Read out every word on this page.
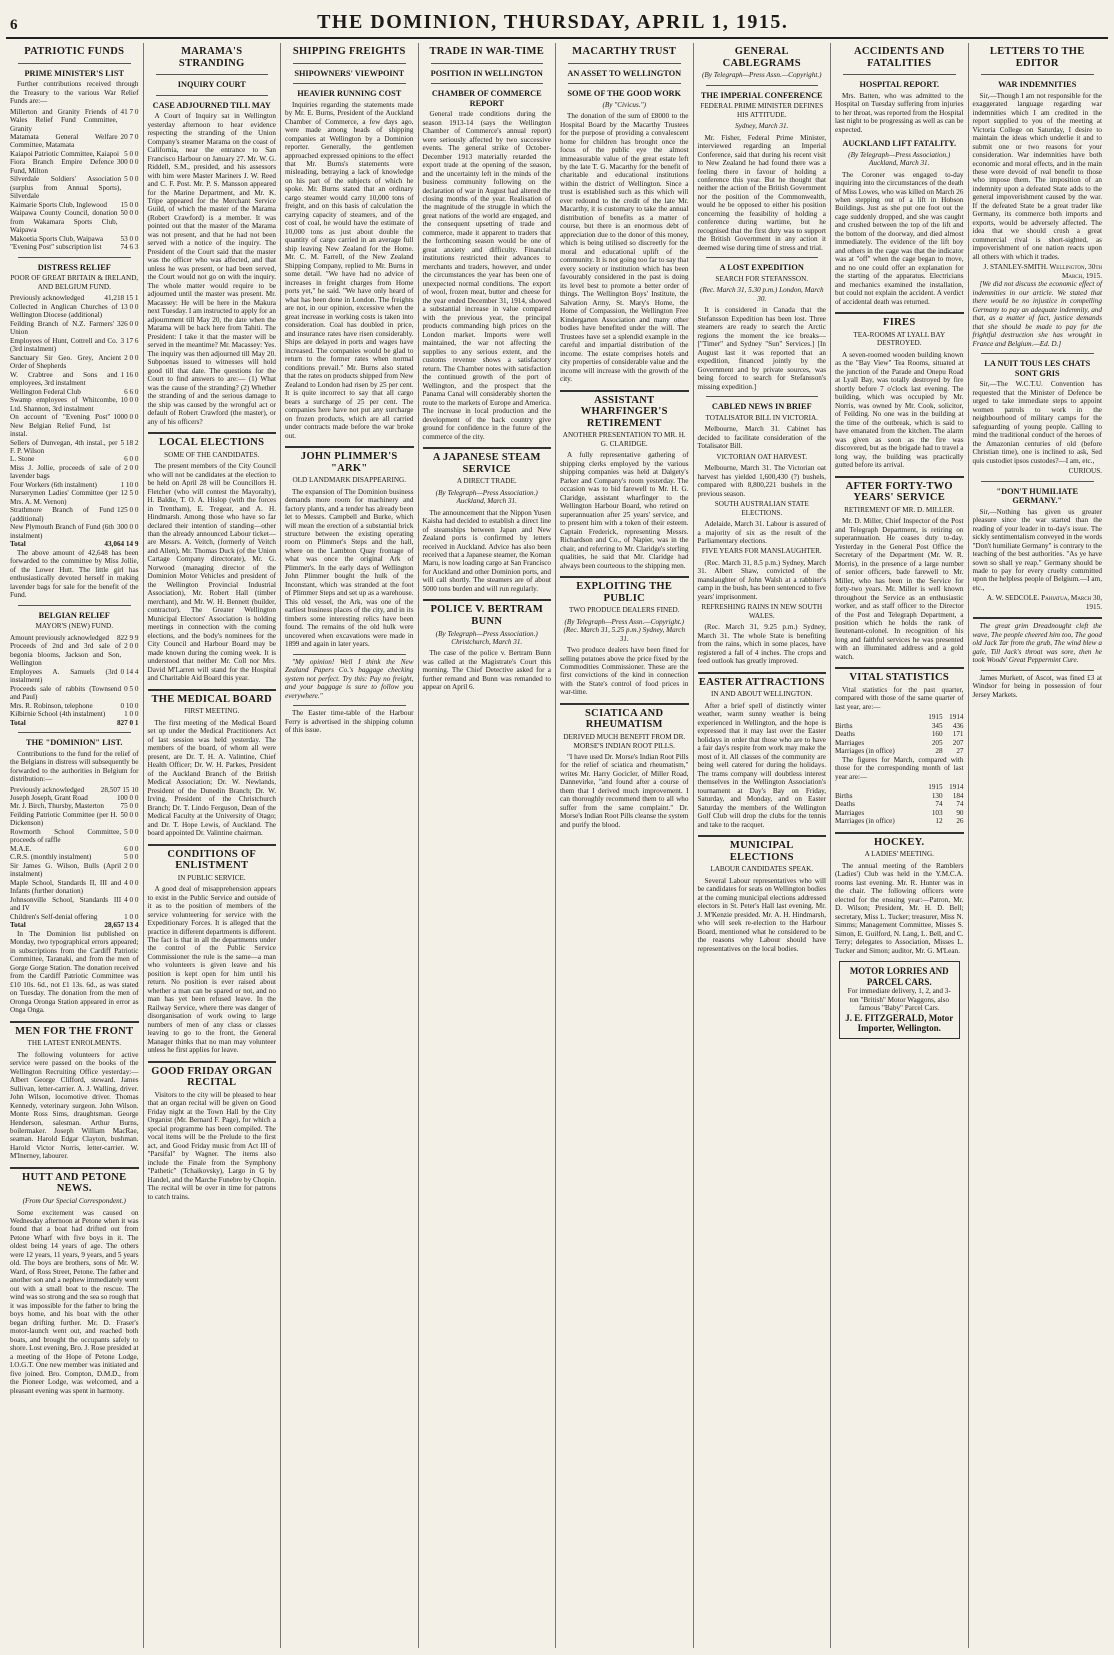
6	THE DOMINION, THURSDAY, APRIL 1, 1915.
PATRIOTIC FUNDS
PRIME MINISTER'S LIST

Further contributions received through the Treasury to the various War Relief Funds are:—

Millerton and Granity Friends of Wales Relief Fund Committee, Granity
41 7 0
Matamata General Welfare Committee, Matamata
20 7 0
Kaiapoi Patriotic Committee, Kaiapoi 5 0 0
Fiora Branch Empire Defence Fund, Milton
300 0 0
Silverdale Soldiers' Association (surplus from Annual Sports), Silverdale
5 0 0
Kaimarie Sports Club, Inglewood	15 0 0
Waipawa County Council, donation from Wakamara Sports Club, Waipawa
50 0 0
Makoetia Sports Club, Waipawa	53 0 0
"Evening Post" subscription list	74 6 3
DISTRESS RELIEF
POOR OF GREAT BRITAIN & IRELAND, AND BELGIUM FUND.
Previously acknowledged	41,218 15 1
Collected in Anglican Churches of Wellington Diocese (additional)
13 0 0
Feilding Branch of N.Z. Farmers' Union
326 0 0
Employees of Hunt, Cottrell and Co. (3rd instalment)
3 17 6
Sanctuary Sir Geo. Grey, Ancient Order of Shepherds
2 0 0
W. Crabtree and Sons and employees, 3rd instalment
1 16 0
Wellington Federal Club	6 6 0
Swamp employees of Whitcombe, Ltd. Shannon, 3rd instalment
10 0 0
On account of "Evening Post" New Belgian Relief Fund, 1st instal.
1000 0 0
Sellers of Dunvegan, 4th instal., per F. P. Wilson
5 18 2
L. Stone	6 0 0
Miss J. Jollie, proceeds of sale of lavender bags
2 0 0
Four Workers (6th instalment)	1 10 0
Nurserymen Ladies' Committee (per Mrs. A. M. Vernon)
12 5 0
Strathmore Branch of Fund (additional)
125 0 0
New Plymouth Branch of Fund (6th instalment)
300 0 0
Total	43,064 14 9

The above amount of 42,648 has been forwarded to the committee by Miss Jollie, of the Lower Hutt. The little girl has enthusiastically devoted herself in making lavender bags for sale for the benefit of the Fund.

BELGIAN RELIEF
MAYOR'S (NEW) FUND.
Amount previously acknowledged	822 9 9
Proceeds of 2nd and 3rd sale of begonia blooms, Jackson and Son, Wellington
2 0 0
Employees A. Samuels (3rd instalment)
0 14 4
Proceeds sale of rabbits (Townsend and Paul)
0 5 0
Mrs. R. Robinson, telephone	0 10 0
Kilbirnie School (4th instalment)	1 0 0
Total	827 0 1
THE "DOMINION" LIST.

Contributions to the fund for the relief of the Belgians in distress will subsequently be forwarded to the authorities in Belgium for distribution:—

Previously acknowledged	28,507 15 10
Joseph Joseph, Grant Road	100 0 0
Mr. J. Birch, Thursby, Masterton	75 0 0
Feilding Patriotic Committee (per H. Dickenson)
50 0 0
Rowmorth School Committee, proceeds of raffle
5 0 0
M.A.E.	6 0 0
C.R.S. (monthly instalment)	5 0 0
Sir James G. Wilson, Bulls (April instalment)
2 0 0
Maple School, Standards II, III and Infants (further donation)
4 0 0
Johnsonville School, Standards III and IV
4 0 0
Children's Self-denial offering	1 0 0
Total	28,657 13 4

In The Dominion list published on Monday, two typographical errors appeared; in subscriptions from the Cardiff Patriotic Committee, Taranaki, and from the men of Gorge Gorge Station. The donation received from the Cardiff Patriotic Committee was £10 10s. 6d., not £1 13s. 6d., as was stated on Tuesday. The donation from the men of Oronga Oronga Station appeared in error as Onga Onga.

MEN FOR THE FRONT
THE LATEST ENROLMENTS.

The following volunteers for active service were passed on the books of the Wellington Recruiting Office yesterday:— Albert George Clifford, steward. James Sullivan, letter-carrier. A. J. Walling, driver. John Wilson, locomotive driver. Thomas Kennedy, veterinary surgeon. John Wilson. Monte Ross Sims, draughtsman. George Henderson, salesman. Arthur Burns, boilermaker. Joseph William MacRae, seaman. Harold Edgar Clayton, bushman. Harold Victor Norris, letter-carrier. W. M'Inerney, labourer.

HUTT AND PETONE NEWS.
(From Our Special Correspondent.)

Some excitement was caused on Wednesday afternoon at Petone when it was found that a boat had drifted out from Petone Wharf with five boys in it. The oldest being 14 years of age. The others were 12 years, 11 years, 9 years, and 5 years old. The boys are brothers, sons of Mr. W. Ward, of Ross Street, Petone. The father and another son and a nephew immediately went out with a small boat to the rescue. The wind was so strong and the sea so rough that it was impossible for the father to bring the boys home, and his boat with the other began drifting further. Mr. D. Fraser's motor-launch went out, and reached both boats, and brought the occupants safely to shore. Lost evening, Bro. J. Rose presided at a meeting of the Hope of Petone Lodge, I.O.G.T. One new member was initiated and five joined. Bro. Compton, D.M.D., from the Pioneer Lodge, was welcomed, and a pleasant evening was spent in harmony.

MARAMA'S STRANDING
INQUIRY COURT
CASE ADJOURNED TILL MAY

A Court of Inquiry sat in Wellington yesterday afternoon to hear evidence respecting the stranding of the Union Company's steamer Marama on the coast of California, near the entrance to San Francisco Harbour on January 27. Mr. W. G. Riddell, S.M., presided, and his assessors with him were Master Mariners J. W. Reed and C. F. Post. Mr. P. S. Mansson appeared for the Marine Department, and Mr. K. Tripe appeared for the Merchant Service Guild, of which the master of the Marama (Robert Crawford) is a member. It was pointed out that the master of the Marama was not present, and that he had not been served with a notice of the inquiry. The President of the Court said that the master was the officer who was affected, and that unless he was present, or had been served, the Court would not go on with the inquiry. The whole matter would require to be adjourned until the master was present. Mr. Macassey: He will be here in the Makura next Tuesday. I am instructed to apply for an adjournment till May 20, the date when the Marama will be back here from Tahiti. The President: I take it that the master will be served in the meantime? Mr. Macassey: Yes. The inquiry was then adjourned till May 20. Subpoenas issued to witnesses will hold good till that date. The questions for the Court to find answers to are:— (1) What was the cause of the stranding? (2) Whether the stranding of and the serious damage to the ship was caused by the wrongful act or default of Robert Crawford (the master), or any of his officers?

LOCAL ELECTIONS
SOME OF THE CANDIDATES.

The present members of the City Council who will not be candidates at the election to be held on April 28 will be Councillors H. Fletcher (who will contest the Mayoralty), H. Baldie, T. O. A. Hislop (with the forces in Trentham), E. Tregear, and A. H. Hindmarsh. Among those who have so far declared their intention of standing—other than the already announced Labour ticket—are Messrs. A. Veitch, (formerly of Veitch and Allen), Mr. Thomas Duck (of the Union Cartage Company directorate), Mr. G. Norwood (managing director of the Dominion Motor Vehicles and president of the Wellington Provincial Industrial Association), Mr. Robert Hall (timber merchant), and Mr. W. H. Bennett (builder, contractor). The Greater Wellington Municipal Electors' Association is holding meetings in connection with the coming elections, and the body's nominees for the City Council and Harbour Board may be made known during the coming week. It is understood that neither Mr. Coll nor Mrs. David M'Larren will stand for the Hospital and Charitable Aid Board this year.

THE MEDICAL BOARD
FIRST MEETING.

The first meeting of the Medical Board set up under the Medical Practitioners Act of last session was held yesterday. The members of the board, of whom all were present, are Dr. T. H. A. Valintine, Chief Health Officer; Dr. W. H. Parkes, President of the Auckland Branch of the British Medical Association; Dr. W. Newlands, President of the Dunedin Branch; Dr. W. Irving, President of the Christchurch Branch; Dr. T. Lindo Ferguson, Dean of the Medical Faculty at the University of Otago; and Dr. T. Hope Lewis, of Auckland. The board appointed Dr. Valintine chairman.

CONDITIONS OF ENLISTMENT
IN PUBLIC SERVICE.

A good deal of misapprehension appears to exist in the Public Service and outside of it as to the position of members of the service volunteering for service with the Expeditionary Forces. It is alleged that the practice in different departments is different. The fact is that in all the departments under the control of the Public Service Commissioner the rule is the same—a man who volunteers is given leave and his position is kept open for him until his return. No position is ever raised about whether a man can be spared or not, and no man has yet been refused leave. In the Railway Service, where there was danger of disorganisation of work owing to large numbers of men of any class or classes leaving to go to the front, the General Manager thinks that no man may volunteer unless he first applies for leave.

GOOD FRIDAY ORGAN RECITAL

Visitors to the city will be pleased to hear that an organ recital will be given on Good Friday night at the Town Hall by the City Organist (Mr. Bernard F. Page), for which a special programme has been compiled. The vocal items will be the Prelude to the first act, and Good Friday music from Act III of "Parsifal" by Wagner. The items also include the Finale from the Symphony "Pathetic" (Tchaikovsky), Largo in G by Handel, and the Marche Funebre by Chopin. The recital will be over in time for patrons to catch trains.

SHIPPING FREIGHTS
SHIPOWNERS' VIEWPOINT
HEAVIER RUNNING COST

Inquiries regarding the statements made by Mr. E. Burns, President of the Auckland Chamber of Commerce, a few days ago, were made among heads of shipping companies at Wellington by a Dominion reporter. Generally, the gentlemen approached expressed opinions to the effect that Mr. Burns's statements were misleading, betraying a lack of knowledge on his part of the subjects of which he spoke. Mr. Burns stated that an ordinary cargo steamer would carry 10,000 tons of freight, and on this basis of calculation the carrying capacity of steamers, and of the cost of coal, he would have the estimate of 10,000 tons as just about double the quantity of cargo carried in an average full ship leaving New Zealand for the Home. Mr. C. M. Farrell, of the New Zealand Shipping Company, replied to Mr. Burns in some detail. "We have had no advice of increases in freight charges from Home ports yet," he said. "We have only heard of what has been done in London. The freights are not, in our opinion, excessive when the great increase in working costs is taken into consideration. Coal has doubled in price, and insurance rates have risen considerably. Ships are delayed in ports and wages have increased. The companies would be glad to return to the former rates when normal conditions prevail." Mr. Burns also stated that the rates on products shipped from New Zealand to London had risen by 25 per cent. It is quite incorrect to say that all cargo bears a surcharge of 25 per cent. The companies here have not put any surcharge on frozen products, which are all carried under contracts made before the war broke out.

JOHN PLIMMER'S "ARK"
OLD LANDMARK DISAPPEARING.

The expansion of The Dominion business demands more room for machinery and factory plants, and a tender has already been let to Messrs. Campbell and Burke, which will mean the erection of a substantial brick structure between the existing operating room on Plimmer's Steps and the hall, where on the Lambton Quay frontage of what was once the original Ark of Plimmer's. In the early days of Wellington John Plimmer bought the hulk of the Inconstant, which was stranded at the foot of Plimmer Steps and set up as a warehouse. This old vessel, the Ark, was one of the earliest business places of the city, and in its timbers some interesting relics have been found. The remains of the old hulk were uncovered when excavations were made in 1899 and again in later years.

"My opinion! Well I think the New Zealand Papers Co.'s baggage checking system not perfect. Try this: Pay no freight, and your baggage is sure to follow you everywhere."

The Easter time-table of the Harbour Ferry is advertised in the shipping column of this issue.

TRADE IN WAR-TIME
POSITION IN WELLINGTON
CHAMBER OF COMMERCE REPORT

General trade conditions during the season 1913-14 (says the Wellington Chamber of Commerce's annual report) were seriously affected by two successive events. The general strike of October-December 1913 materially retarded the export trade at the opening of the season, and the uncertainty left in the minds of the business community following on the declaration of war in August had altered the closing months of the year. Realisation of the magnitude of the struggle in which the great nations of the world are engaged, and the consequent upsetting of trade and commerce, made it apparent to traders that the forthcoming season would be one of great anxiety and difficulty. Financial institutions restricted their advances to merchants and traders, however, and under the circumstances the year has been one of unexpected normal conditions. The export of wool, frozen meat, butter and cheese for the year ended December 31, 1914, showed a substantial increase in value compared with the previous year, the principal products commanding high prices on the London market. Imports were well maintained, the war not affecting the supplies to any serious extent, and the customs revenue shows a satisfactory return. The Chamber notes with satisfaction the continued growth of the port of Wellington, and the prospect that the Panama Canal will considerably shorten the route to the markets of Europe and America. The increase in local production and the development of the back country give ground for confidence in the future of the commerce of the city.

A JAPANESE STEAM SERVICE
A DIRECT TRADE.
(By Telegraph—Press Association.) Auckland, March 31.

The announcement that the Nippon Yusen Kaisha had decided to establish a direct line of steamships between Japan and New Zealand ports is confirmed by letters received in Auckland. Advice has also been received that a Japanese steamer, the Koman Maru, is now loading cargo at San Francisco for Auckland and other Dominion ports, and will call shortly. The steamers are of about 5000 tons burden and will run regularly.

POLICE V. BERTRAM BUNN
(By Telegraph—Press Association.) Christchurch, March 31.

The case of the police v. Bertram Bunn was called at the Magistrate's Court this morning. The Chief Detective asked for a further remand and Bunn was remanded to appear on April 6.

MACARTHY TRUST
AN ASSET TO WELLINGTON
SOME OF THE GOOD WORK
(By "Civicus.")

The donation of the sum of £8000 to the Hospital Board by the Macarthy Trustees for the purpose of providing a convalescent home for children has brought once the focus of the public eye the almost immeasurable value of the great estate left by the late T. G. Macarthy for the benefit of charitable and educational institutions within the district of Wellington. Since a trust is established such as this which will ever redound to the credit of the late Mr. Macarthy, it is customary to take the annual distribution of benefits as a matter of course, but there is an enormous debt of appreciation due to the donor of this money, which is being utilised so discreetly for the moral and educational uplift of the community. It is not going too far to say that every society or institution which has been favourably considered in the past is doing its level best to promote a better order of things. The Wellington Boys' Institute, the Salvation Army, St. Mary's Home, the Home of Compassion, the Wellington Free Kindergarten Association and many other bodies have benefited under the will. The Trustees have set a splendid example in the careful and impartial distribution of the income. The estate comprises hotels and city properties of considerable value and the income will increase with the growth of the city.

ASSISTANT WHARFINGER'S RETIREMENT
ANOTHER PRESENTATION TO MR. H. G. CLARIDGE.

A fully representative gathering of shipping clerks employed by the various shipping companies was held at Dalgety's Parker and Company's room yesterday. The occasion was to bid farewell to Mr. H. G. Claridge, assistant wharfinger to the Wellington Harbour Board, who retired on superannuation after 25 years' service, and to present him with a token of their esteem. Captain Frederick, representing Messrs. Richardson and Co., of Napier, was in the chair, and referring to Mr. Claridge's sterling qualities, he said that Mr. Claridge had always been courteous to the shipping men.

EXPLOITING THE PUBLIC
TWO PRODUCE DEALERS FINED.
(By Telegraph—Press Assn.—Copyright.) (Rec. March 31, 5.25 p.m.) Sydney, March 31.

Two produce dealers have been fined for selling potatoes above the price fixed by the Commodities Commissioner. These are the first convictions of the kind in connection with the State's control of food prices in war-time.

SCIATICA AND RHEUMATISM
DERIVED MUCH BENEFIT FROM DR. MORSE'S INDIAN ROOT PILLS.

"I have used Dr. Morse's Indian Root Pills for the relief of sciatica and rheumatism," writes Mr. Harry Gocicler, of Miller Road, Dannevirke, "and found after a course of them that I derived much improvement. I can thoroughly recommend them to all who suffer from the same complaint." Dr. Morse's Indian Root Pills cleanse the system and purify the blood.

GENERAL CABLEGRAMS
(By Telegraph—Press Assn.—Copyright.)
THE IMPERIAL CONFERENCE
FEDERAL PRIME MINISTER DEFINES HIS ATTITUDE.
Sydney, March 31.

Mr. Fisher, Federal Prime Minister, interviewed regarding an Imperial Conference, said that during his recent visit to New Zealand he had found there was a feeling there in favour of holding a conference this year. But he thought that neither the action of the British Government nor the position of the Commonwealth, would he be opposed to either his position concerning the feasibility of holding a conference during wartime, but he recognised that the first duty was to support the British Government in any action it deemed wise during time of stress and trial.

A LOST EXPEDITION
SEARCH FOR STEFANSSON.
(Rec. March 31, 5.30 p.m.) London, March 30.

It is considered in Canada that the Stefansson Expedition has been lost. Three steamers are ready to search the Arctic regions the moment the ice breaks—["Timer" and Sydney "Sun" Services.] [In August last it was reported that an expedition, financed jointly by the Government and by private sources, was being forced to search for Stefansson's missing expedition.]

CABLED NEWS IN BRIEF
TOTALISATOR BILL IN VICTORIA.

Melbourne, March 31. Cabinet has decided to facilitate consideration of the Totalisator Bill.

VICTORIAN OAT HARVEST.

Melbourne, March 31. The Victorian oat harvest has yielded 1,600,430 (?) bushels, compared with 8,800,221 bushels in the previous season.

SOUTH AUSTRALIAN STATE ELECTIONS.

Adelaide, March 31. Labour is assured of a majority of six as the result of the Parliamentary elections.

FIVE YEARS FOR MANSLAUGHTER.

(Rec. March 31, 8.5 p.m.) Sydney, March 31. Albert Shaw, convicted of the manslaughter of John Walsh at a rabbiter's camp in the bush, has been sentenced to five years' imprisonment.

REFRESHING RAINS IN NEW SOUTH WALES.

(Rec. March 31, 9.25 p.m.) Sydney, March 31. The whole State is benefiting from the rains, which in some places, have registered a fall of 4 inches. The crops and feed outlook has greatly improved.

EASTER ATTRACTIONS
IN AND ABOUT WELLINGTON.

After a brief spell of distinctly winter weather, warm sunny weather is being experienced in Wellington, and the hope is expressed that it may last over the Easter holidays in order that those who are to have a fair day's respite from work may make the most of it. All classes of the community are being well catered for during the holidays. The trams company will doubtless interest themselves in the Wellington Association's tournament at Day's Bay on Friday, Saturday, and Monday, and on Easter Saturday the members of the Wellington Golf Club will drop the clubs for the tennis and take to the racquet.

MUNICIPAL ELECTIONS
LABOUR CANDIDATES SPEAK.

Several Labour representatives who will be candidates for seats on Wellington bodies at the coming municipal elections addressed electors in St. Peter's Hall last evening. Mr. J. M'Kenzie presided. Mr. A. H. Hindmarsh, who will seek re-election to the Harbour Board, mentioned what he considered to be the reasons why Labour should have representatives on the local bodies.

ACCIDENTS AND FATALITIES
HOSPITAL REPORT.

Mrs. Batten, who was admitted to the Hospital on Tuesday suffering from injuries to her throat, was reported from the Hospital last night to be progressing as well as can be expected.

AUCKLAND LIFT FATALITY.
(By Telegraph—Press Association.) Auckland, March 31.

The Coroner was engaged to-day inquiring into the circumstances of the death of Miss Lowes, who was killed on March 26 when stepping out of a lift in Hobson Buildings. Just as she put one foot out the cage suddenly dropped, and she was caught and crushed between the top of the lift and the bottom of the doorway, and died almost immediately. The evidence of the lift boy and others in the cage was that the indicator was at "off" when the cage began to move, and no one could offer an explanation for the starting of the apparatus. Electricians and mechanics examined the installation, but could not explain the accident. A verdict of accidental death was returned.

FIRES
TEA-ROOMS AT LYALL BAY DESTROYED.

A seven-roomed wooden building known as the "Bay View" Tea Rooms, situated at the junction of the Parade and Onepu Road at Lyall Bay, was totally destroyed by fire shortly before 7 o'clock last evening. The building, which was occupied by Mr. Norris, was owned by Mr. Cook, solicitor, of Feilding. No one was in the building at the time of the outbreak, which is said to have emanated from the kitchen. The alarm was given as soon as the fire was discovered, but as the brigade had to travel a long way, the building was practically gutted before its arrival.

AFTER FORTY-TWO YEARS' SERVICE
RETIREMENT OF MR. D. MILLER.

Mr. D. Miller, Chief Inspector of the Post and Telegraph Department, is retiring on superannuation. He ceases duty to-day. Yesterday in the General Post Office the Secretary of the Department (Mr. W. R. Morris), in the presence of a large number of senior officers, bade farewell to Mr. Miller, who has been in the Service for forty-two years. Mr. Miller is well known throughout the Service as an enthusiastic worker, and as staff officer to the Director of the Post and Telegraph Department, a position which he holds the rank of lieutenant-colonel. In recognition of his long and faithful services he was presented with an illuminated address and a gold watch.

VITAL STATISTICS

Vital statistics for the past quarter, compared with those of the same quarter of last year, are:—

	1915	1914
Births	345	436
Deaths	160	171
Marriages	205	207
Marriages (in office)	28	27

The figures for March, compared with those for the corresponding month of last year are:—

	1915	1914
Births	130	184
Deaths	74	74
Marriages	103	90
Marriages (in office)	12	26
HOCKEY.
A LADIES' MEETING.

The annual meeting of the Ramblers (Ladies') Club was held in the Y.M.C.A. rooms last evening. Mr. R. Hunter was in the chair. The following officers were elected for the ensuing year:—Patron, Mr. D. Wilson; President, Mr. H. D. Bell; secretary, Miss L. Tucker; treasurer, Miss N. Simms; Management Committee, Misses S. Simon, E. Guilford, N. Lang, L. Bell, and C. Terry; delegates to Association, Misses L. Tucker and Simon; auditor, Mr. G. M'Lean.

MOTOR LORRIES AND PARCEL CARS.
For immediate delivery, 1, 2, and 3-ton "British" Motor Waggons, also famous "Baby" Parcel Cars.
J. E. FITZGERALD, Motor Importer, Wellington.
LETTERS TO THE EDITOR
WAR INDEMNITIES

Sir,—Though I am not responsible for the exaggerated language regarding war indemnities which I am credited in the report supplied to you of the meeting at Victoria College on Saturday, I desire to maintain the ideas which underlie it and to submit one or two reasons for your consideration. War indemnities have both economic and moral effects, and in the main these were devoid of real benefit to those who impose them. The imposition of an indemnity upon a defeated State adds to the general impoverishment caused by the war. If the defeated State be a great trader like Germany, its commerce both imports and exports, would be adversely affected. The idea that we should crush a great commercial rival is short-sighted, as impoverishment of one nation reacts upon all others with which it trades.

J. STANLEY-SMITH. Wellington, 30th March, 1915.

[We did not discuss the economic effect of indemnities in our article. We stated that there would be no injustice in compelling Germany to pay an adequate indemnity, and that, as a matter of fact, justice demands that she should be made to pay for the frightful destruction she has wrought in France and Belgium.—Ed. D.]

LA NUIT TOUS LES CHATS SONT GRIS

Sir,—The W.C.T.U. Convention has requested that the Minister of Defence be urged to take immediate steps to appoint women patrols to work in the neighbourhood of military camps for the safeguarding of young people. Calling to mind the traditional conduct of the heroes of the Amazonian centuries of old (before Christian time), one is inclined to ask, Sed quis custodiet ipsos custodes?—I am, etc.,

CURIOUS.
"DON'T HUMILIATE GERMANY."

Sir,—Nothing has given us greater pleasure since the war started than the reading of your leader in to-day's issue. The sickly sentimentalism conveyed in the words "Don't humiliate Germany" is contrary to the teaching of the best authorities. "As ye have sown so shall ye reap." Germany should be made to pay for every cruelty committed upon the helpless people of Belgium.—I am, etc.,

A. W. SEDCOLE. Pahiatua, March 30, 1915.

The great grim Dreadnought cleft the wave, The people cheered him too, The good old Jack Tar from the grub, The wind blew a gale, Till Jack's throat was sore, then he took Woods' Great Peppermint Cure.

James Murkett, of Ascot, was fined £3 at Windsor for being in possession of four Jersey Markets.
